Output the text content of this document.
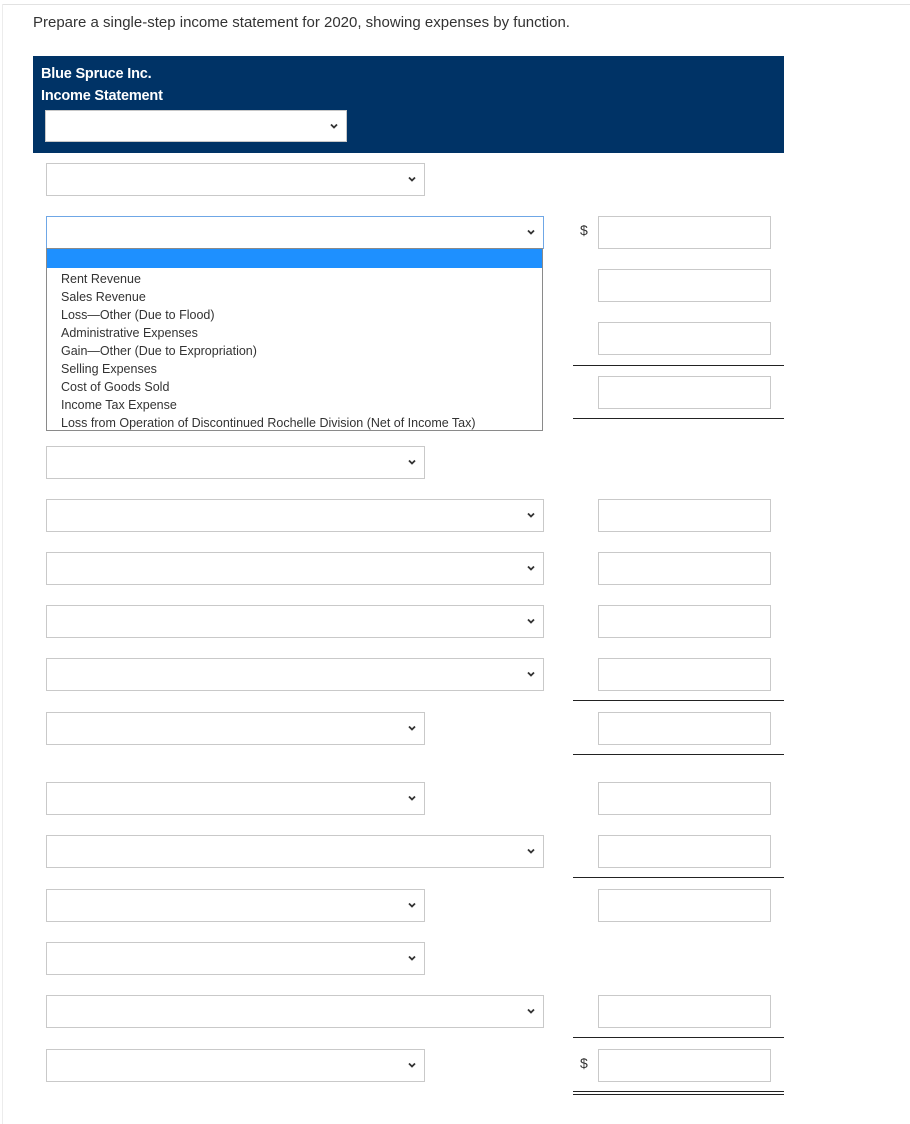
Prepare a single-step income statement for 2020, showing expenses by function.
Blue Spruce Inc.
Income Statement
$
Rent Revenue
Sales Revenue
Loss—Other (Due to Flood)
Administrative Expenses
Gain—Other (Due to Expropriation)
Selling Expenses
Cost of Goods Sold
Income Tax Expense
Loss from Operation of Discontinued Rochelle Division (Net of Income Tax)
$
